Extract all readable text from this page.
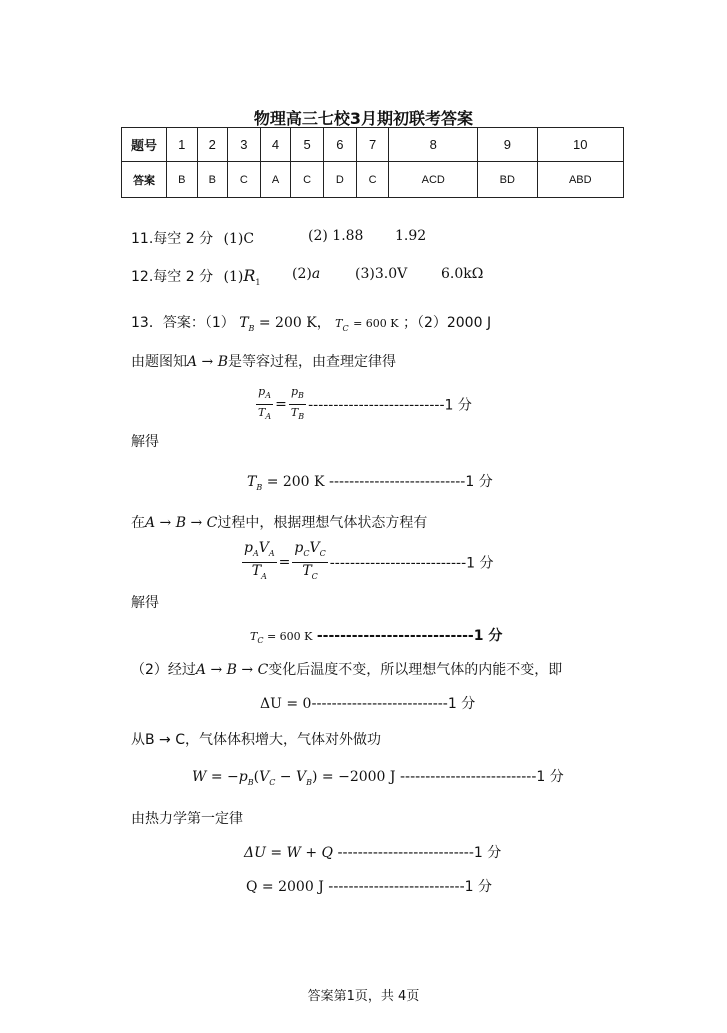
物理高三七校3月期初联考答案
题号	1	2	3	4	5	6	7	8	9	10
答案	B	B	C	A	C	D	C	ACD	BD	ABD
11.每空 2 分 (1)C	(2) 1.88 1.92
12.每空 2 分 $(1)R_1$
(2)a (3)3.0V 6.0kΩ
13．答案：（1） $T_B = 200$ K， $T_C = 600$ K ；（2）2000 J
由题图知A → B是等容过程，由查理定律得
$\frac{p_A}{T_A} = \frac{p_B}{T_B} ---------------------------1$ 分
解得
$T_B = 200$ K ---------------------------1 分
在A → B → C过程中，根据理想气体状态方程有
$\frac{p_AV_A}{T_A} = \frac{p_CV_C}{T_C} ---------------------------1$ 分
解得
$T_C = 600$ K ---------------------------1 分
（2）经过A → B → C变化后温度不变，所以理想气体的内能不变，即
ΔU = 0---------------------------1 分
从B → C，气体体积增大，气体对外做功
$W = -p_B(V_C - V_B) = -2000$ J ---------------------------1 分
由热力学第一定律
ΔU = W + Q ---------------------------1 分
Q = 2000 J ---------------------------1 分
答案第1页，共 4页
